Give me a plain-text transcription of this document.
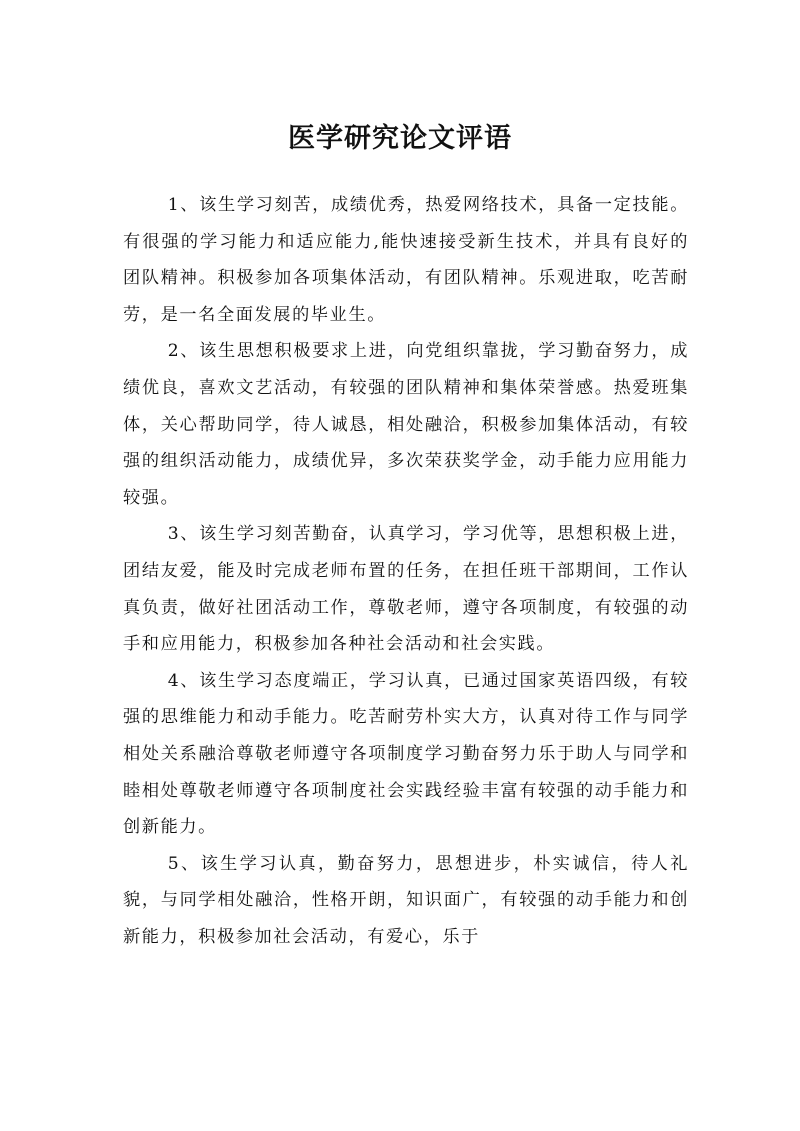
医学研究论文评语

1、该生学习刻苦，成绩优秀，热爱网络技术，具备一定技能。有很强的学习能力和适应能力,能快速接受新生技术，并具有良好的团队精神。积极参加各项集体活动，有团队精神。乐观进取，吃苦耐劳，是一名全面发展的毕业生。

2、该生思想积极要求上进，向党组织靠拢，学习勤奋努力，成绩优良，喜欢文艺活动，有较强的团队精神和集体荣誉感。热爱班集体，关心帮助同学，待人诚恳，相处融洽，积极参加集体活动，有较强的组织活动能力，成绩优异，多次荣获奖学金，动手能力应用能力较强。

3、该生学习刻苦勤奋，认真学习，学习优等，思想积极上进，团结友爱，能及时完成老师布置的任务，在担任班干部期间，工作认真负责，做好社团活动工作，尊敬老师，遵守各项制度，有较强的动手和应用能力，积极参加各种社会活动和社会实践。

4、该生学习态度端正，学习认真，已通过国家英语四级，有较强的思维能力和动手能力。吃苦耐劳朴实大方，认真对待工作与同学相处关系融洽尊敬老师遵守各项制度学习勤奋努力乐于助人与同学和睦相处尊敬老师遵守各项制度社会实践经验丰富有较强的动手能力和创新能力。

5、该生学习认真，勤奋努力，思想进步，朴实诚信，待人礼貌，与同学相处融洽，性格开朗，知识面广，有较强的动手能力和创新能力，积极参加社会活动，有爱心，乐于
